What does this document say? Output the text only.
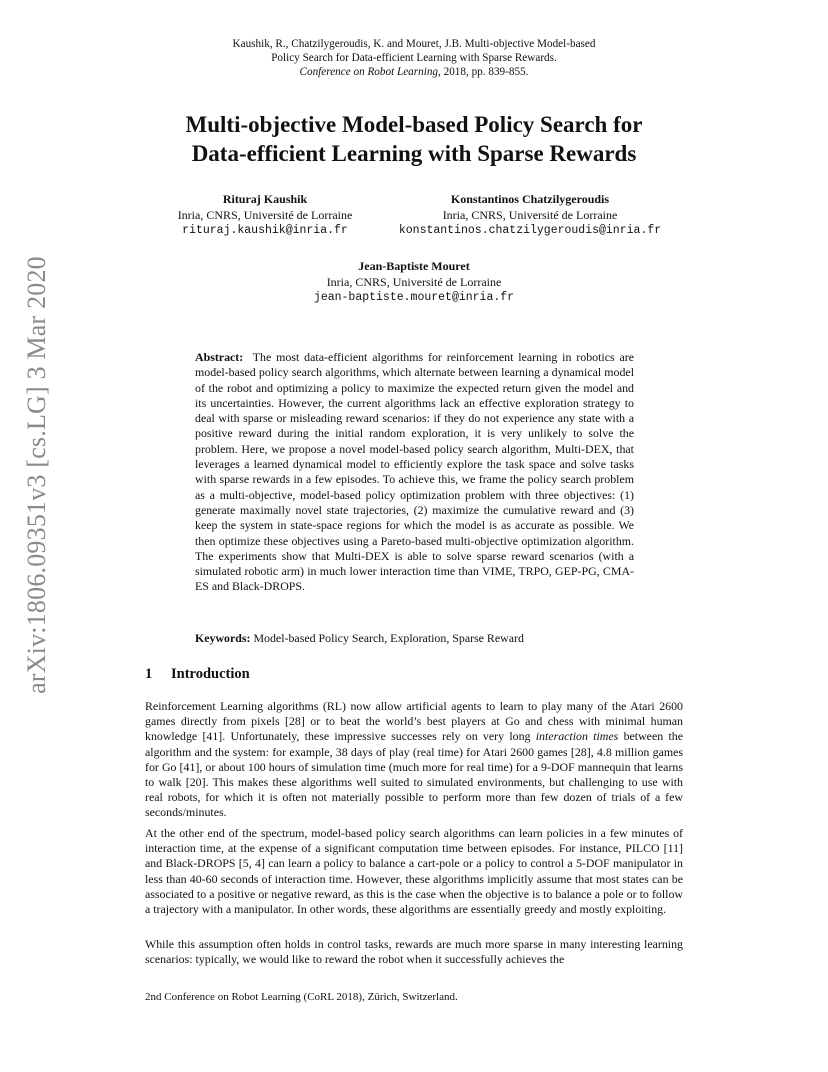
Kaushik, R., Chatzilygeroudis, K. and Mouret, J.B. Multi-objective Model-based
Policy Search for Data-efficient Learning with Sparse Rewards.
Conference on Robot Learning, 2018, pp. 839-855.
arXiv:1806.09351v3 [cs.LG] 3 Mar 2020
Multi-objective Model-based Policy Search for
Data-efficient Learning with Sparse Rewards
Rituraj Kaushik
Inria, CNRS, Université de Lorraine
rituraj.kaushik@inria.fr
Konstantinos Chatzilygeroudis
Inria, CNRS, Université de Lorraine
konstantinos.chatzilygeroudis@inria.fr
Jean-Baptiste Mouret
Inria, CNRS, Université de Lorraine
jean-baptiste.mouret@inria.fr
Abstract: The most data-efficient algorithms for reinforcement learning in robotics are model-based policy search algorithms, which alternate between learning a dynamical model of the robot and optimizing a policy to maximize the expected return given the model and its uncertainties. However, the current algorithms lack an effective exploration strategy to deal with sparse or misleading reward scenarios: if they do not experience any state with a positive reward during the initial random exploration, it is very unlikely to solve the problem. Here, we propose a novel model-based policy search algorithm, Multi-DEX, that leverages a learned dynamical model to efficiently explore the task space and solve tasks with sparse rewards in a few episodes. To achieve this, we frame the policy search problem as a multi-objective, model-based policy optimization problem with three objectives: (1) generate maximally novel state trajectories, (2) maximize the cumulative reward and (3) keep the system in state-space regions for which the model is as accurate as possible. We then optimize these objectives using a Pareto-based multi-objective optimization algorithm. The experiments show that Multi-DEX is able to solve sparse reward scenarios (with a simulated robotic arm) in much lower interaction time than VIME, TRPO, GEP-PG, CMA-ES and Black-DROPS.
Keywords: Model-based Policy Search, Exploration, Sparse Reward
1 Introduction

Reinforcement Learning algorithms (RL) now allow artificial agents to learn to play many of the Atari 2600 games directly from pixels [28] or to beat the world’s best players at Go and chess with minimal human knowledge [41]. Unfortunately, these impressive successes rely on very long interaction times between the algorithm and the system: for example, 38 days of play (real time) for Atari 2600 games [28], 4.8 million games for Go [41], or about 100 hours of simulation time (much more for real time) for a 9-DOF mannequin that learns to walk [20]. This makes these algorithms well suited to simulated environments, but challenging to use with real robots, for which it is often not materially possible to perform more than few dozen of trials of a few seconds/minutes.

At the other end of the spectrum, model-based policy search algorithms can learn policies in a few minutes of interaction time, at the expense of a significant computation time between episodes. For instance, PILCO [11] and Black-DROPS [5, 4] can learn a policy to balance a cart-pole or a policy to control a 5-DOF manipulator in less than 40-60 seconds of interaction time. However, these algorithms implicitly assume that most states can be associated to a positive or negative reward, as this is the case when the objective is to balance a pole or to follow a trajectory with a manipulator. In other words, these algorithms are essentially greedy and mostly exploiting.

While this assumption often holds in control tasks, rewards are much more sparse in many interesting learning scenarios: typically, we would like to reward the robot when it successfully achieves the

2nd Conference on Robot Learning (CoRL 2018), Zürich, Switzerland.
